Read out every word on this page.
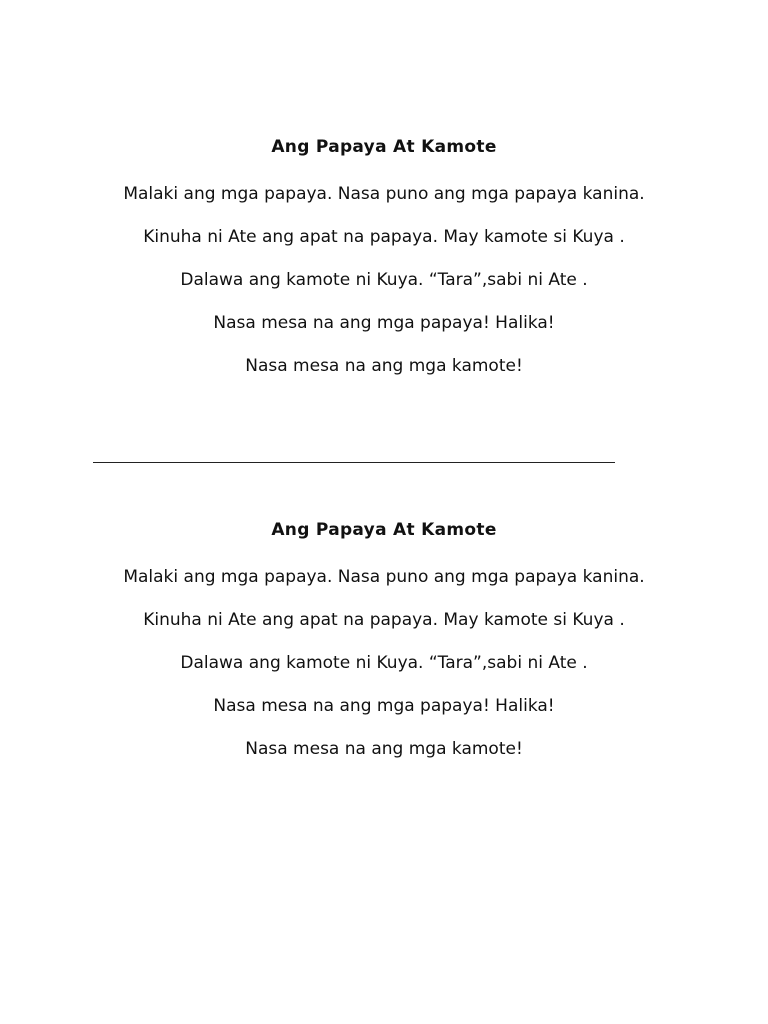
Ang Papaya At Kamote

Malaki ang mga papaya. Nasa puno ang mga papaya kanina.

Kinuha ni Ate ang apat na papaya. May kamote si Kuya .

Dalawa ang kamote ni Kuya. “Tara”,sabi ni Ate .

Nasa mesa na ang mga papaya! Halika!

Nasa mesa na ang mga kamote!

Ang Papaya At Kamote

Malaki ang mga papaya. Nasa puno ang mga papaya kanina.

Kinuha ni Ate ang apat na papaya. May kamote si Kuya .

Dalawa ang kamote ni Kuya. “Tara”,sabi ni Ate .

Nasa mesa na ang mga papaya! Halika!

Nasa mesa na ang mga kamote!
